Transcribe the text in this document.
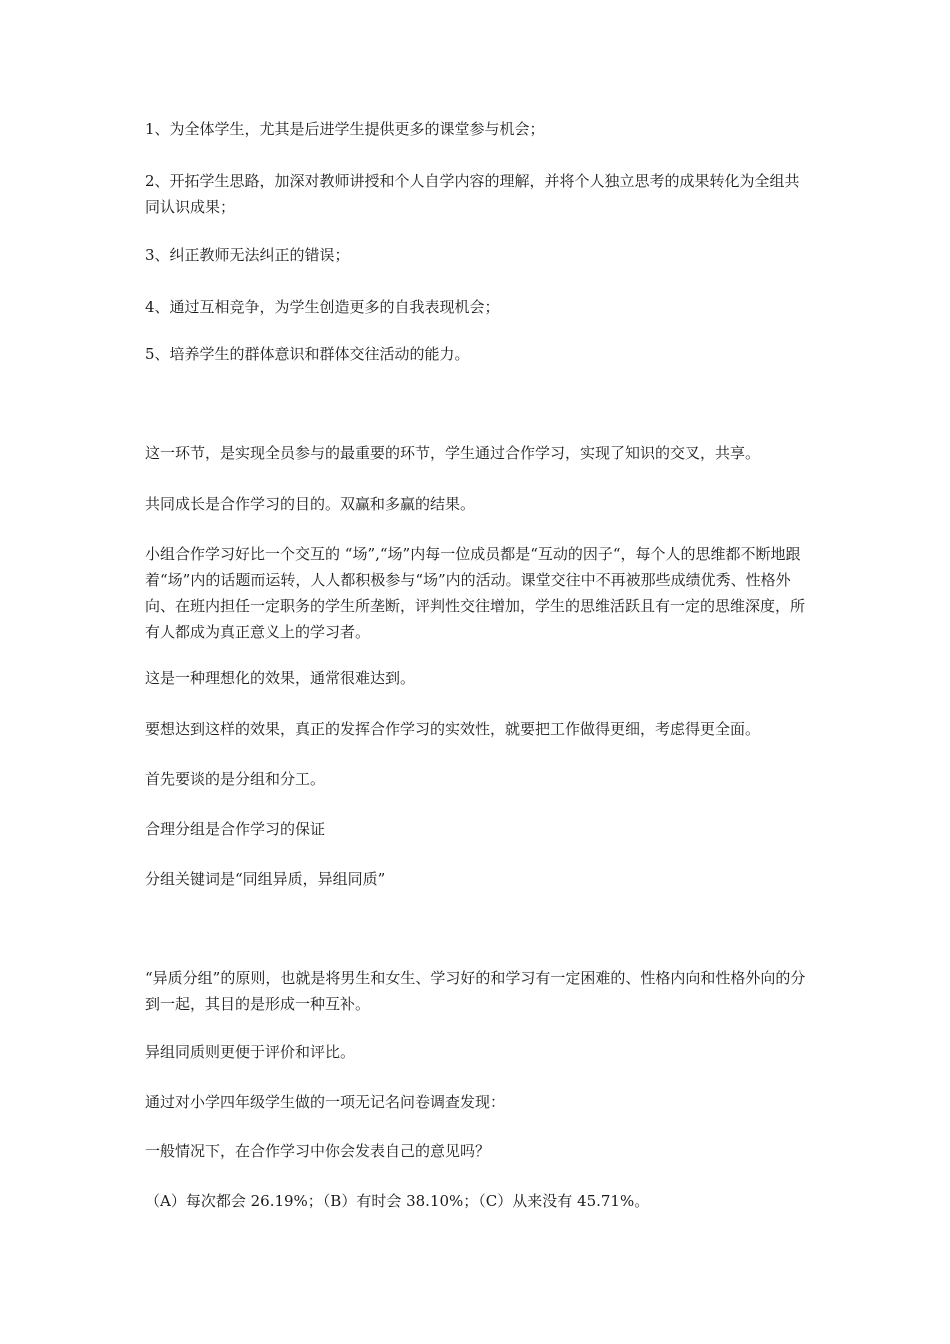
1、为全体学生，尤其是后进学生提供更多的课堂参与机会；

2、开拓学生思路，加深对教师讲授和个人自学内容的理解，并将个人独立思考的成果转化为全组共同认识成果；

3、纠正教师无法纠正的错误；

4、通过互相竞争，为学生创造更多的自我表现机会；

5、培养学生的群体意识和群体交往活动的能力。

这一环节，是实现全员参与的最重要的环节，学生通过合作学习，实现了知识的交叉，共享。

共同成长是合作学习的目的。双赢和多赢的结果。

小组合作学习好比一个交互的 “场”,“场”内每一位成员都是“互动的因子“，每个人的思维都不断地跟着“场”内的话题而运转，人人都积极参与“场”内的活动。课堂交往中不再被那些成绩优秀、性格外向、在班内担任一定职务的学生所垄断，评判性交往增加，学生的思维活跃且有一定的思维深度，所有人都成为真正意义上的学习者。

这是一种理想化的效果，通常很难达到。

要想达到这样的效果，真正的发挥合作学习的实效性，就要把工作做得更细，考虑得更全面。

首先要谈的是分组和分工。

合理分组是合作学习的保证

分组关键词是“同组异质，异组同质”

“异质分组”的原则，也就是将男生和女生、学习好的和学习有一定困难的、性格内向和性格外向的分到一起，其目的是形成一种互补。

异组同质则更便于评价和评比。

通过对小学四年级学生做的一项无记名问卷调查发现：

一般情况下，在合作学习中你会发表自己的意见吗？

（A）每次都会 26.19%；（B）有时会 38.10%；（C）从来没有 45.71%。
